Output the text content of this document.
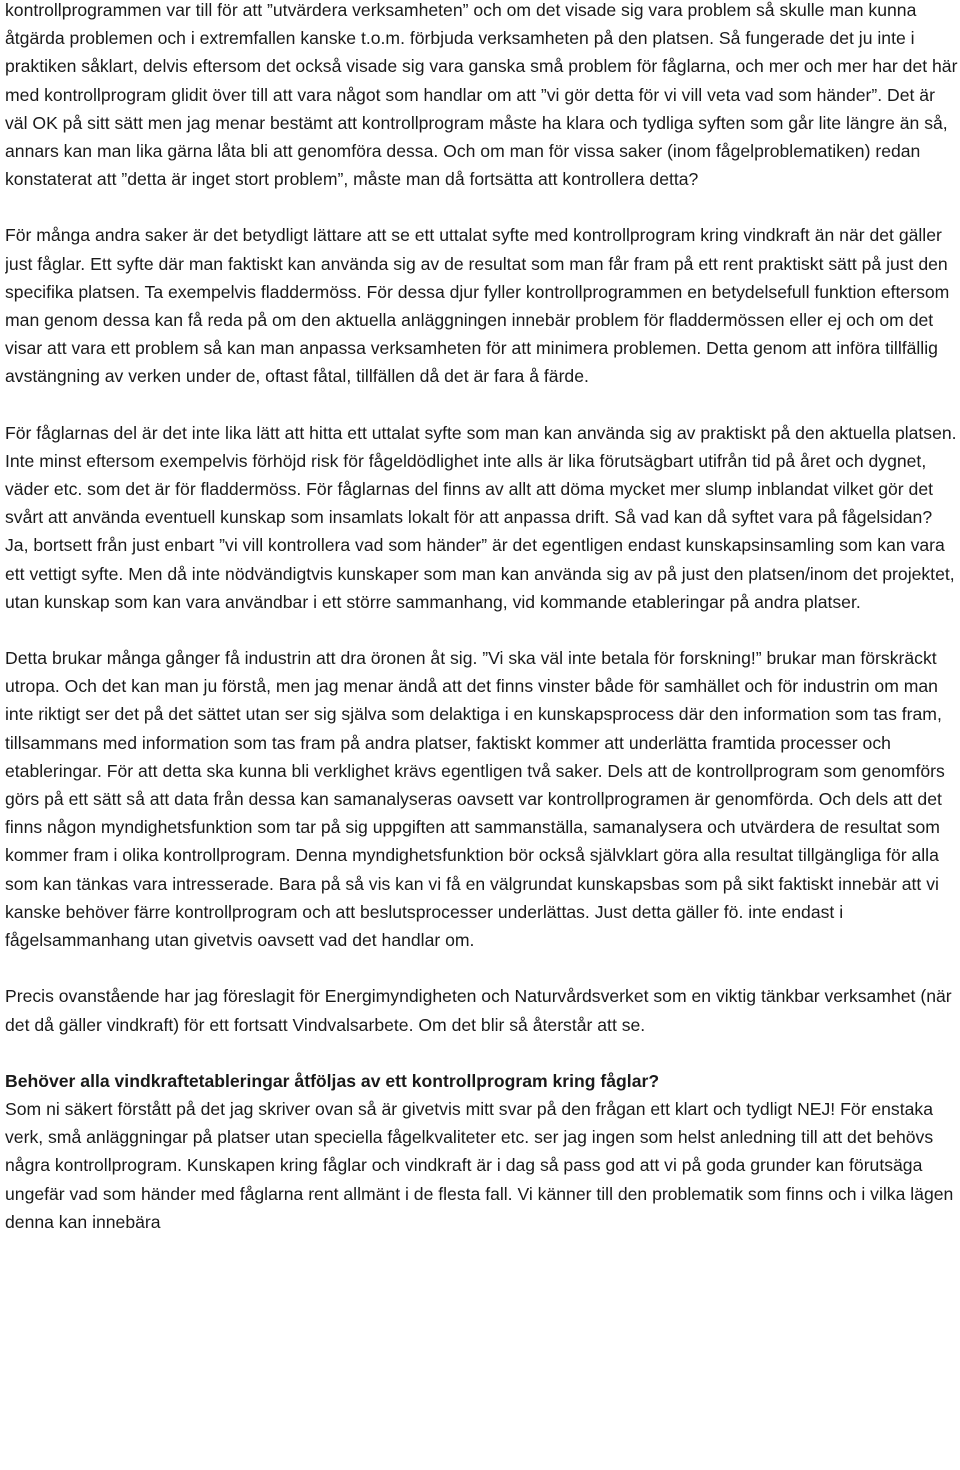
kontrollprogrammen var till för att ”utvärdera verksamheten” och om det visade sig vara problem så skulle man kunna åtgärda problemen och i extremfallen kanske t.o.m. förbjuda verksamheten på den platsen. Så fungerade det ju inte i praktiken såklart, delvis eftersom det också visade sig vara ganska små problem för fåglarna, och mer och mer har det här med kontrollprogram glidit över till att vara något som handlar om att ”vi gör detta för vi vill veta vad som händer”. Det är väl OK på sitt sätt men jag menar bestämt att kontrollprogram måste ha klara och tydliga syften som går lite längre än så, annars kan man lika gärna låta bli att genomföra dessa. Och om man för vissa saker (inom fågelproblematiken) redan konstaterat att ”detta är inget stort problem”, måste man då fortsätta att kontrollera detta?

För många andra saker är det betydligt lättare att se ett uttalat syfte med kontrollprogram kring vindkraft än när det gäller just fåglar. Ett syfte där man faktiskt kan använda sig av de resultat som man får fram på ett rent praktiskt sätt på just den specifika platsen. Ta exempelvis fladdermöss. För dessa djur fyller kontrollprogrammen en betydelsefull funktion eftersom man genom dessa kan få reda på om den aktuella anläggningen innebär problem för fladdermössen eller ej och om det visar att vara ett problem så kan man anpassa verksamheten för att minimera problemen. Detta genom att införa tillfällig avstängning av verken under de, oftast fåtal, tillfällen då det är fara å färde.

För fåglarnas del är det inte lika lätt att hitta ett uttalat syfte som man kan använda sig av praktiskt på den aktuella platsen. Inte minst eftersom exempelvis förhöjd risk för fågeldödlighet inte alls är lika förutsägbart utifrån tid på året och dygnet, väder etc. som det är för fladdermöss. För fåglarnas del finns av allt att döma mycket mer slump inblandat vilket gör det svårt att använda eventuell kunskap som insamlats lokalt för att anpassa drift. Så vad kan då syftet vara på fågelsidan? Ja, bortsett från just enbart ”vi vill kontrollera vad som händer” är det egentligen endast kunskapsinsamling som kan vara ett vettigt syfte. Men då inte nödvändigtvis kunskaper som man kan använda sig av på just den platsen/inom det projektet, utan kunskap som kan vara användbar i ett större sammanhang, vid kommande etableringar på andra platser.

Detta brukar många gånger få industrin att dra öronen åt sig. ”Vi ska väl inte betala för forskning!” brukar man förskräckt utropa. Och det kan man ju förstå, men jag menar ändå att det finns vinster både för samhället och för industrin om man inte riktigt ser det på det sättet utan ser sig själva som delaktiga i en kunskapsprocess där den information som tas fram, tillsammans med information som tas fram på andra platser, faktiskt kommer att underlätta framtida processer och etableringar. För att detta ska kunna bli verklighet krävs egentligen två saker. Dels att de kontrollprogram som genomförs görs på ett sätt så att data från dessa kan samanalyseras oavsett var kontrollprogramen är genomförda. Och dels att det finns någon myndighetsfunktion som tar på sig uppgiften att sammanställa, samanalysera och utvärdera de resultat som kommer fram i olika kontrollprogram. Denna myndighetsfunktion bör också självklart göra alla resultat tillgängliga för alla som kan tänkas vara intresserade. Bara på så vis kan vi få en välgrundat kunskapsbas som på sikt faktiskt innebär att vi kanske behöver färre kontrollprogram och att beslutsprocesser underlättas. Just detta gäller fö. inte endast i fågelsammanhang utan givetvis oavsett vad det handlar om.

Precis ovanstående har jag föreslagit för Energimyndigheten och Naturvårdsverket som en viktig tänkbar verksamhet (när det då gäller vindkraft) för ett fortsatt Vindvalsarbete. Om det blir så återstår att se.

Behöver alla vindkraftetableringar åtföljas av ett kontrollprogram kring fåglar?

Som ni säkert förstått på det jag skriver ovan så är givetvis mitt svar på den frågan ett klart och tydligt NEJ! För enstaka verk, små anläggningar på platser utan speciella fågelkvaliteter etc. ser jag ingen som helst anledning till att det behövs några kontrollprogram. Kunskapen kring fåglar och vindkraft är i dag så pass god att vi på goda grunder kan förutsäga ungefär vad som händer med fåglarna rent allmänt i de flesta fall. Vi känner till den problematik som finns och i vilka lägen denna kan innebära
